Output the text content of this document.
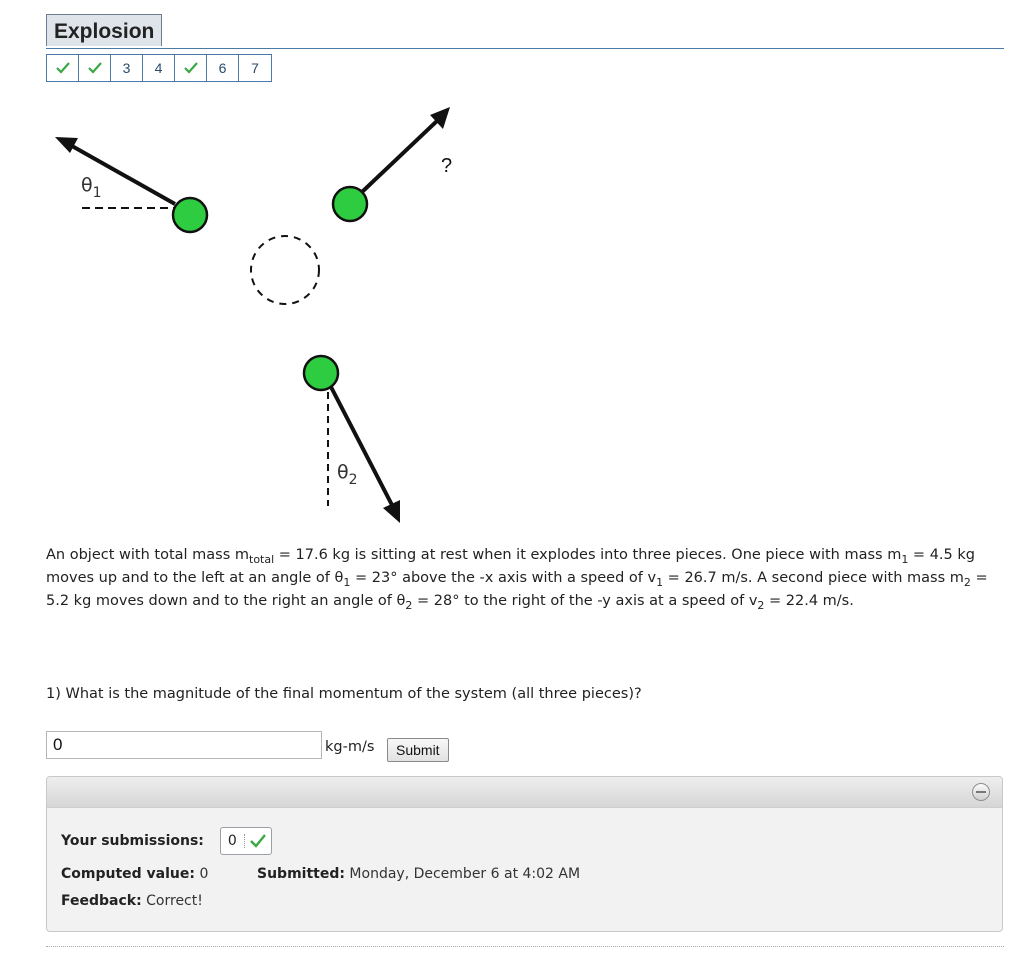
Explosion
3	4	6	7
$\theta_1$
?
$\theta_2$
An object with total mass $m_{total} = 17.6$ kg is sitting at rest when it explodes into three pieces. One piece with mass $m_1 = 4.5$ kg moves up and to the left at an angle of $\theta_1 = 23^\circ$ above the -x axis with a speed of $v_1 = 26.7$ m/s. A second piece with mass $m_2 = 5.2$ kg moves down and to the right an angle of $\theta_2 = 28^\circ$ to the right of the -y axis at a speed of $v_2 = 22.4$ m/s.
1) What is the magnitude of the final momentum of the system (all three pieces)?
0
kg-m/s	Submit
Your submissions: 0
Computed value: 0	Submitted: Monday, December 6 at 4:02 AM
Feedback: Correct!
